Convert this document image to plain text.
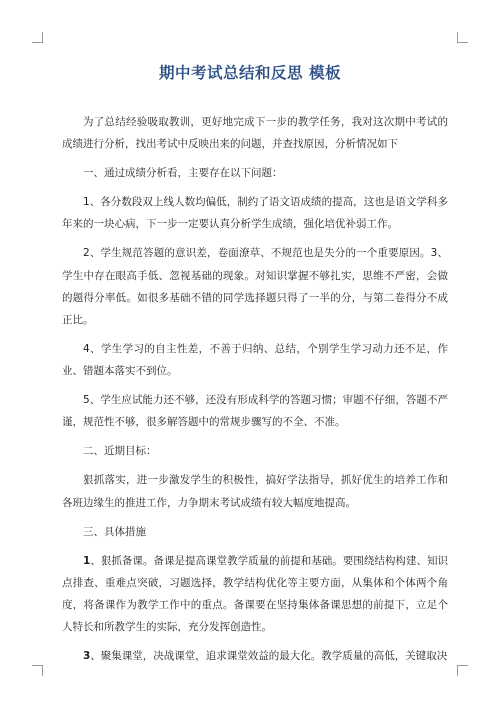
期中考试总结和反思 模板

为了总结经验吸取教训，更好地完成下一步的教学任务，我对这次期中考试的成绩进行分析，找出考试中反映出来的问题，并查找原因，分析情况如下

一、通过成绩分析看，主要存在以下问题：

1、各分数段双上线人数均偏低，制约了语文语成绩的提高，这也是语文学科多年来的一块心病，下一步一定要认真分析学生成绩，强化培优补弱工作。

2、学生规范答题的意识差，卷面潦草、不规范也是失分的一个重要原因。3、学生中存在眼高手低、忽视基础的现象。对知识掌握不够扎实，思维不严密，会做的题得分率低。如很多基础不错的同学选择题只得了一半的分，与第二卷得分不成正比。

4、学生学习的自主性差，不善于归纳、总结，个别学生学习动力还不足，作业、错题本落实不到位。

5、学生应试能力还不够，还没有形成科学的答题习惯；审题不仔细，答题不严谨，规范性不够，很多解答题中的常规步骤写的不全、不准。

二、近期目标：

狠抓落实，进一步激发学生的积极性，搞好学法指导，抓好优生的培养工作和各班边缘生的推进工作，力争期末考试成绩有较大幅度地提高。

三、具体措施

1、狠抓备课。备课是提高课堂教学质量的前提和基础。要围绕结构构建、知识点排查、重难点突破，习题选择，教学结构优化等主要方面，从集体和个体两个角度，将备课作为教学工作中的重点。备课要在坚持集体备课思想的前提下，立足个人特长和所教学生的实际，充分发挥创造性。

3、聚集课堂，决战课堂，追求课堂效益的最大化。教学质量的高低，关键取决
